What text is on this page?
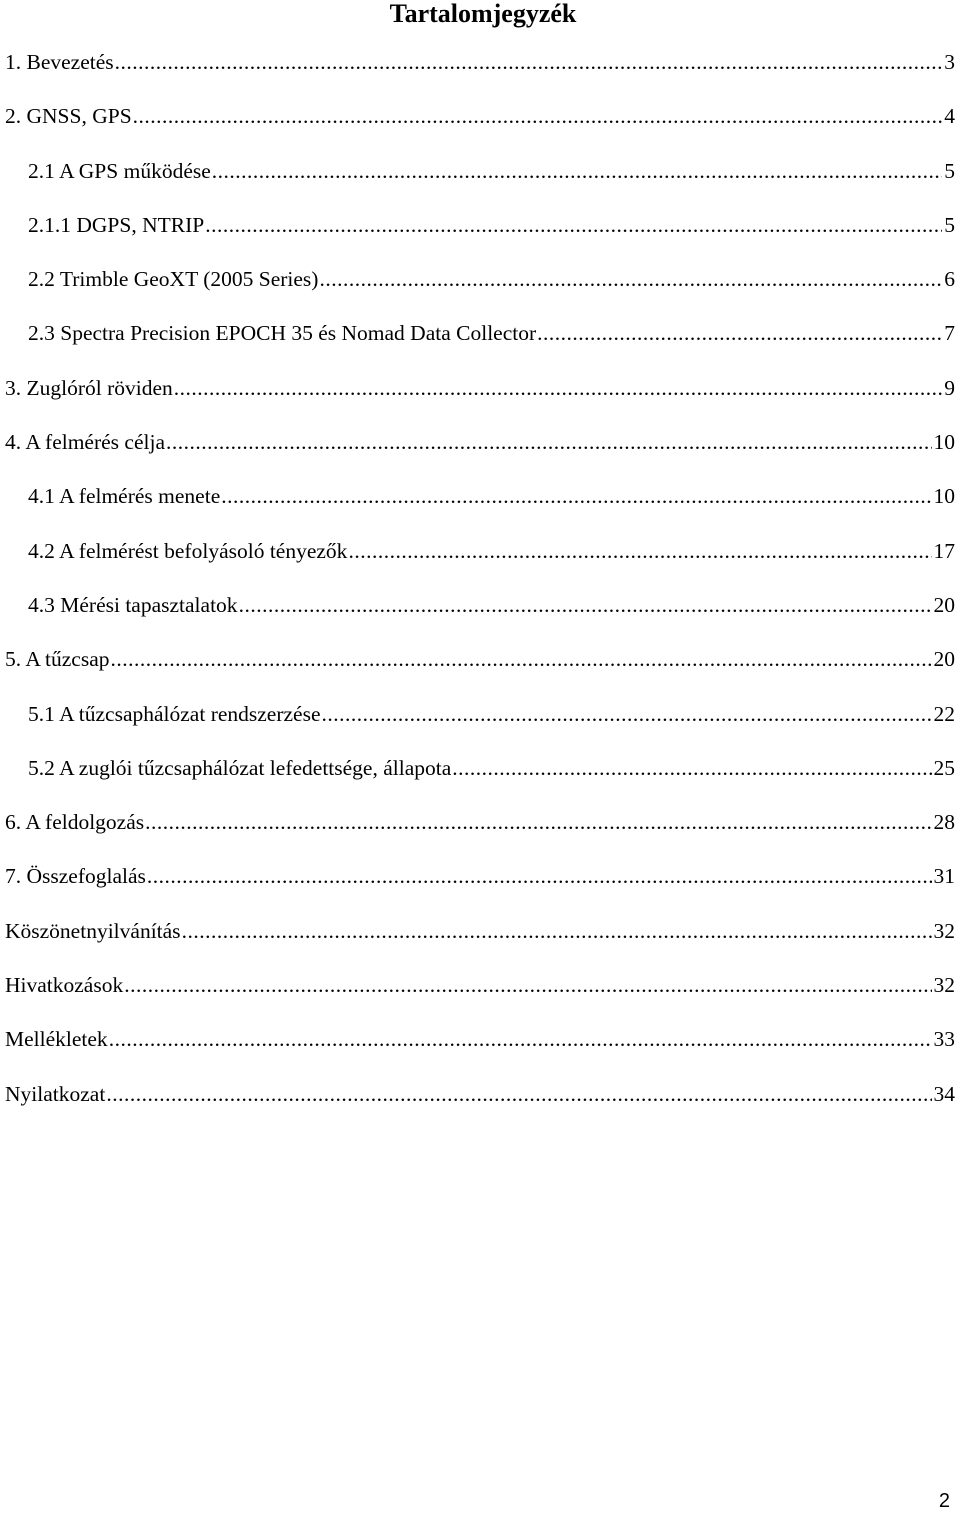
Tartalomjegyzék
1. Bevezetés .....	3
2. GNSS, GPS .....	4
2.1 A GPS működése .....	5
2.1.1 DGPS, NTRIP .....	5
2.2 Trimble GeoXT (2005 Series) .....	6
2.3 Spectra Precision EPOCH 35 és Nomad Data Collector .....	7
3. Zuglóról röviden .....	9
4. A felmérés célja .....	10
4.1 A felmérés menete .....	10
4.2 A felmérést befolyásoló tényezők .....	17
4.3 Mérési tapasztalatok .....	20
5. A tűzcsap .....	20
5.1 A tűzcsaphálózat rendszerzése .....	22
5.2 A zuglói tűzcsaphálózat lefedettsége, állapota .....	25
6. A feldolgozás .....	28
7. Összefoglalás .....	31
Köszönetnyilvánítás .....	32
Hivatkozások .....	32
Mellékletek .....	33
Nyilatkozat .....	34
2
